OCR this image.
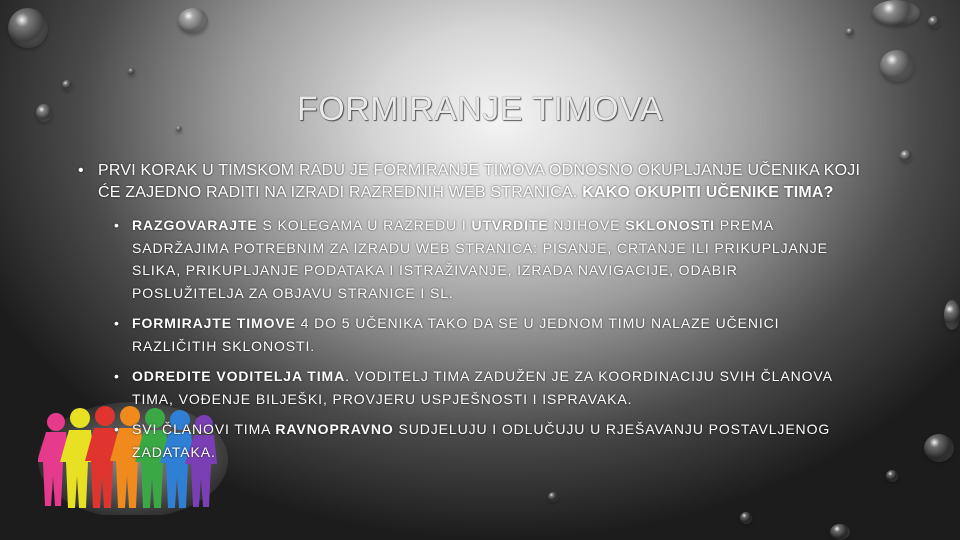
FORMIRANJE TIMOVA
• PRVI KORAK U TIMSKOM RADU JE FORMIRANJE TIMOVA ODNOSNO OKUPLJANJE UČENIKA KOJI ĆE ZAJEDNO RADITI NA IZRADI RAZREDNIH WEB STRANICA. KAKO OKUPITI UČENIKE TIMA?
• RAZGOVARAJTE S KOLEGAMA U RAZREDU I UTVRDITE NJIHOVE SKLONOSTI PREMA SADRŽAJIMA POTREBNIM ZA IZRADU WEB STRANICA: PISANJE, CRTANJE ILI PRIKUPLJANJE SLIKA, PRIKUPLJANJE PODATAKA I ISTRAŽIVANJE, IZRADA NAVIGACIJE, ODABIR POSLUŽITELJA ZA OBJAVU STRANICE I SL.
• FORMIRAJTE TIMOVE 4 DO 5 UČENIKA TAKO DA SE U JEDNOM TIMU NALAZE UČENICI RAZLIČITIH SKLONOSTI.
• ODREDITE VODITELJA TIMA. VODITELJ TIMA ZADUŽEN JE ZA KOORDINACIJU SVIH ČLANOVA TIMA, VOĐENJE BILJEŠKI, PROVJERU USPJEŠNOSTI I ISPRAVAKA.
• SVI ČLANOVI TIMA RAVNOPRAVNO SUDJELUJU I ODLUČUJU U RJEŠAVANJU POSTAVLJENOG ZADATAKA.
